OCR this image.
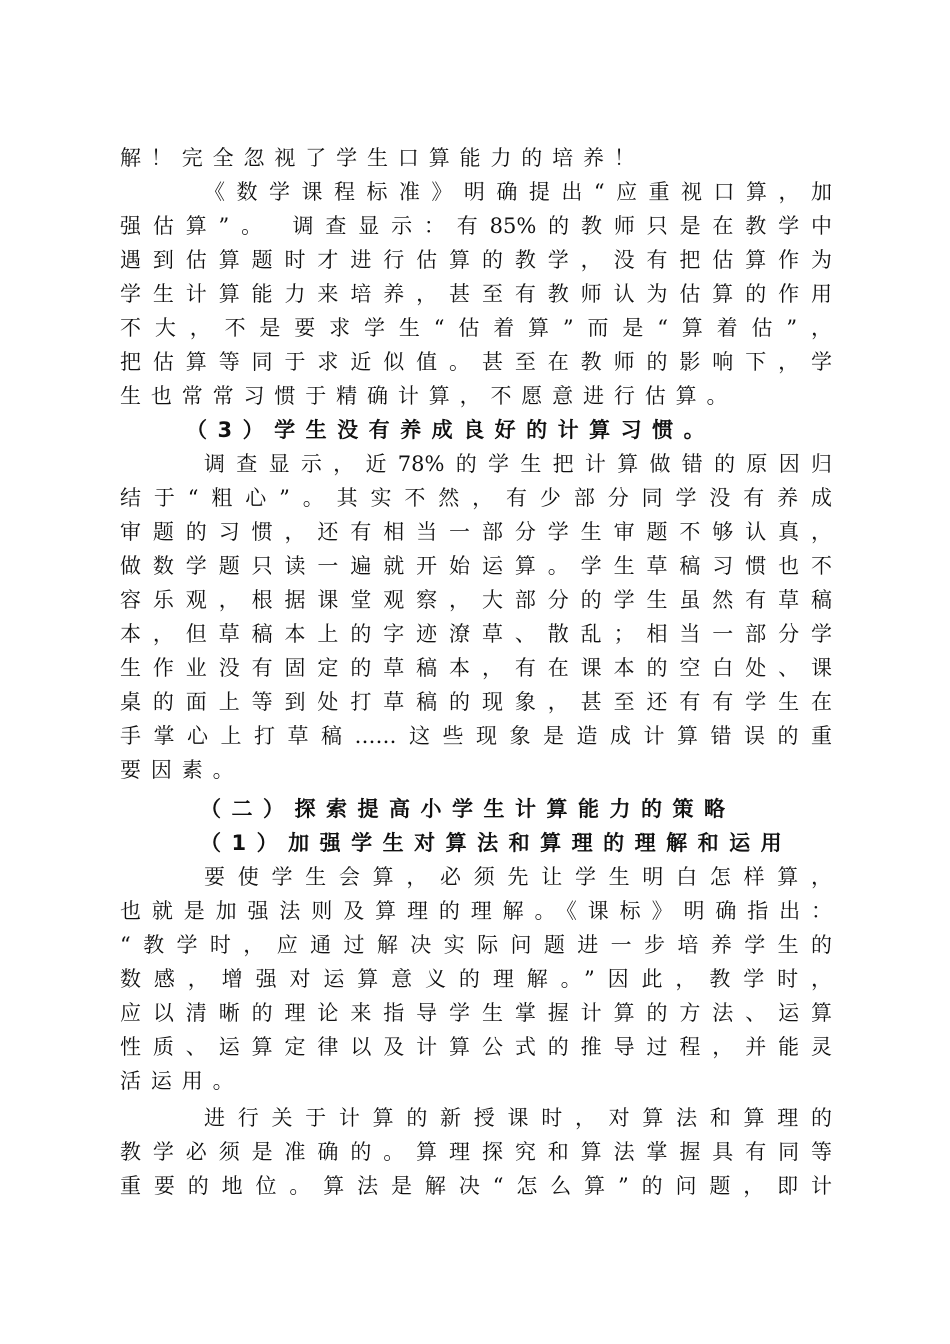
解！完全忽视了学生口算能力的培养！
《数学课程标准》明确提出“应重视口算，加
强估算”。 调查显示：有85%的教师只是在教学中
遇到估算题时才进行估算的教学，没有把估算作为
学生计算能力来培养，甚至有教师认为估算的作用
不大，不是要求学生“估着算”而是“算着估”，
把估算等同于求近似值。甚至在教师的影响下，学
生也常常习惯于精确计算，不愿意进行估算。
（3）学生没有养成良好的计算习惯。
调查显示，近78%的学生把计算做错的原因归
结于“粗心”。其实不然，有少部分同学没有养成
审题的习惯，还有相当一部分学生审题不够认真，
做数学题只读一遍就开始运算。学生草稿习惯也不
容乐观，根据课堂观察，大部分的学生虽然有草稿
本，但草稿本上的字迹潦草、散乱；相当一部分学
生作业没有固定的草稿本，有在课本的空白处、课
桌的面上等到处打草稿的现象，甚至还有有学生在
手掌心上打草稿……这些现象是造成计算错误的重
要因素。
（二）探索提高小学生计算能力的策略
（1）加强学生对算法和算理的理解和运用
要使学生会算，必须先让学生明白怎样算，
也就是加强法则及算理的理解。《课标》明确指出：
“教学时，应通过解决实际问题进一步培养学生的
数感，增强对运算意义的理解。”因此，教学时，
应以清晰的理论来指导学生掌握计算的方法、运算
性质、运算定律以及计算公式的推导过程，并能灵
活运用。
进行关于计算的新授课时，对算法和算理的
教学必须是准确的。算理探究和算法掌握具有同等
重要的地位。算法是解决“怎么算”的问题，即计
